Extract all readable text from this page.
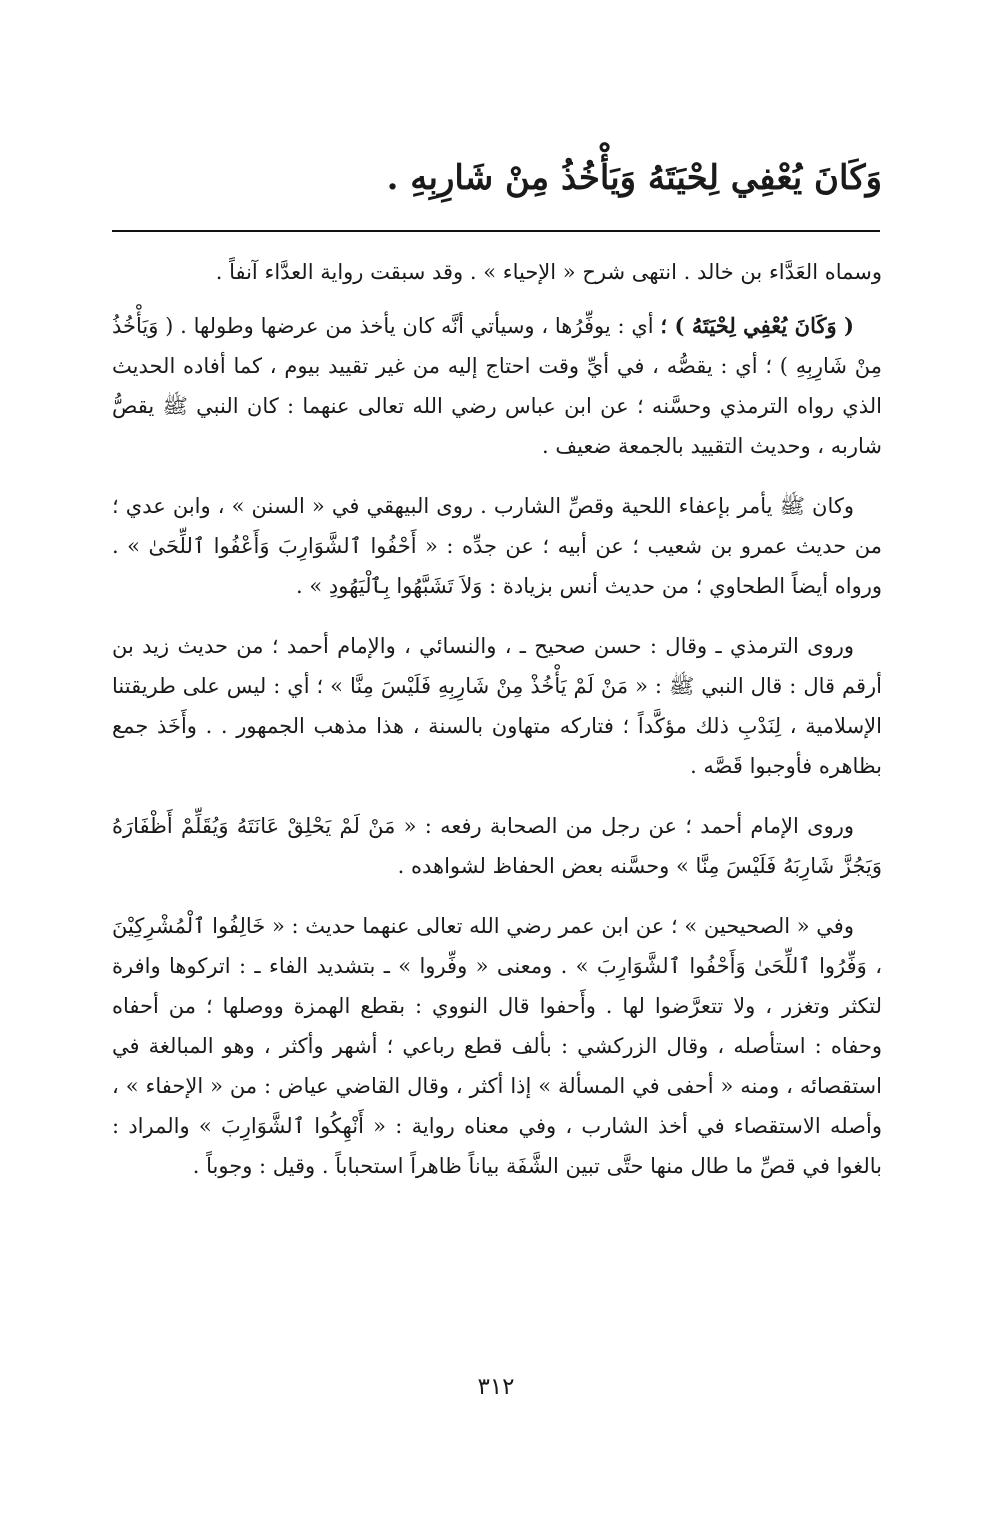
وَكَانَ يُعْفِي لِحْيَتَهُ وَيَأْخُذُ مِنْ شَارِبِهِ .

وسماه العَدَّاء بن خالد . انتهى شرح « الإحياء » . وقد سبقت رواية العدَّاء آنفاً .

( وَكَانَ يُعْفِي لِحْيَتَهُ ) ؛ أي : يوفِّرُها ، وسيأتي أنَّه كان يأخذ من عرضها وطولها . ( وَيَأْخُذُ مِنْ شَارِبِهِ ) ؛ أي : يقصُّه ، في أيِّ وقت احتاج إليه من غير تقييد بيوم ، كما أفاده الحديث الذي رواه الترمذي وحسَّنه ؛ عن ابن عباس رضي الله تعالى عنهما : كان النبي ﷺ يقصُّ شاربه ، وحديث التقييد بالجمعة ضعيف .

وكان ﷺ يأمر بإعفاء اللحية وقصِّ الشارب . روى البيهقي في « السنن » ، وابن عدي ؛ من حديث عمرو بن شعيب ؛ عن أبيه ؛ عن جدِّه : « أَحْفُوا ٱلشَّوَارِبَ وَأَعْفُوا ٱللِّحَىٰ » . ورواه أيضاً الطحاوي ؛ من حديث أنس بزيادة : وَلاَ تَشَبَّهُوا بِٱلْيَهُودِ » .

وروى الترمذي ـ وقال : حسن صحيح ـ ، والنسائي ، والإمام أحمد ؛ من حديث زيد بن أرقم قال : قال النبي ﷺ : « مَنْ لَمْ يَأْخُذْ مِنْ شَارِبِهِ فَلَيْسَ مِنَّا » ؛ أي : ليس على طريقتنا الإسلامية ، لِنَدْبِ ذلك مؤكَّداً ؛ فتاركه متهاون بالسنة ، هذا مذهب الجمهور . . وأَخَذ جمع بظاهره فأوجبوا قَصَّه .

وروى الإمام أحمد ؛ عن رجل من الصحابة رفعه : « مَنْ لَمْ يَحْلِقْ عَانَتَهُ وَيُقَلِّمْ أَظْفَارَهُ وَيَجُزَّ شَارِبَهُ فَلَيْسَ مِنَّا » وحسَّنه بعض الحفاظ لشواهده .

وفي « الصحيحين » ؛ عن ابن عمر رضي الله تعالى عنهما حديث : « خَالِفُوا ٱلْمُشْرِكِيْنَ ، وَفِّرُوا ٱللِّحَىٰ وَأَحْفُوا ٱلشَّوَارِبَ » . ومعنى « وفِّروا » ـ بتشديد الفاء ـ : اتركوها وافرة لتكثر وتغزر ، ولا تتعرَّضوا لها . وأَحفوا قال النووي : بقطع الهمزة ووصلها ؛ من أحفاه وحفاه : استأصله ، وقال الزركشي : بألف قطع رباعي ؛ أشهر وأكثر ، وهو المبالغة في استقصائه ، ومنه « أحفى في المسألة » إذا أكثر ، وقال القاضي عياض : من « الإحفاء » ، وأصله الاستقصاء في أخذ الشارب ، وفي معناه رواية : « أَنْهِكُوا ٱلشَّوَارِبَ » والمراد : بالغوا في قصِّ ما طال منها حتَّى تبين الشَّفَة بياناً ظاهراً استحباباً . وقيل : وجوباً .

٣١٢
